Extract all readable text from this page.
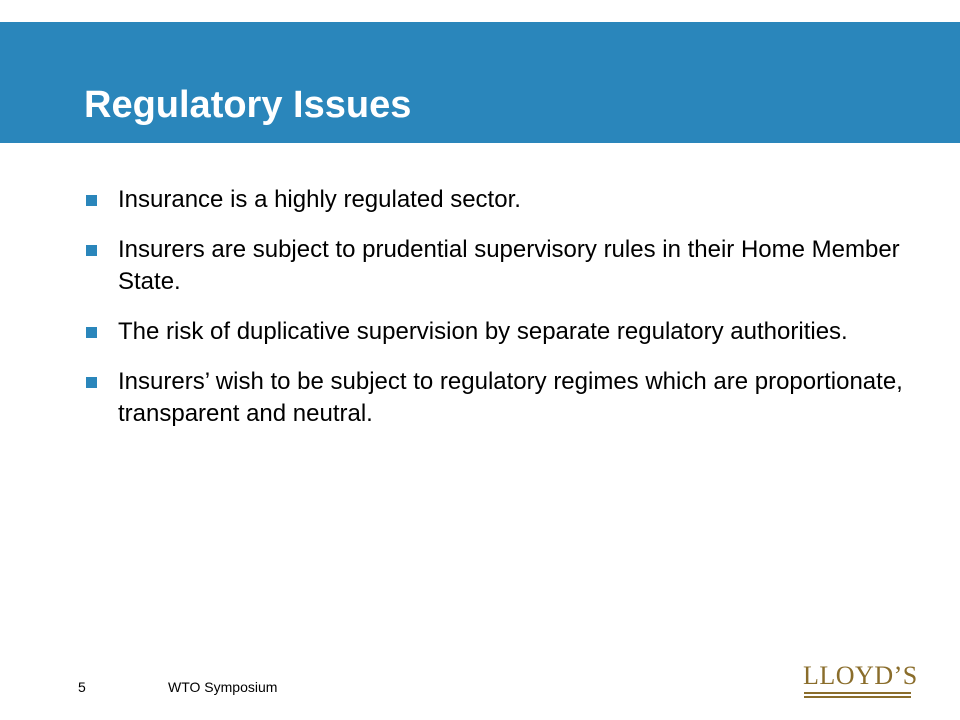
Regulatory Issues
Insurance is a highly regulated sector.
Insurers are subject to prudential supervisory rules in their Home Member State.
The risk of duplicative supervision by separate regulatory authorities.
Insurers’ wish to be subject to regulatory regimes which are proportionate, transparent and neutral.
5	WTO Symposium	LLOYD’S
